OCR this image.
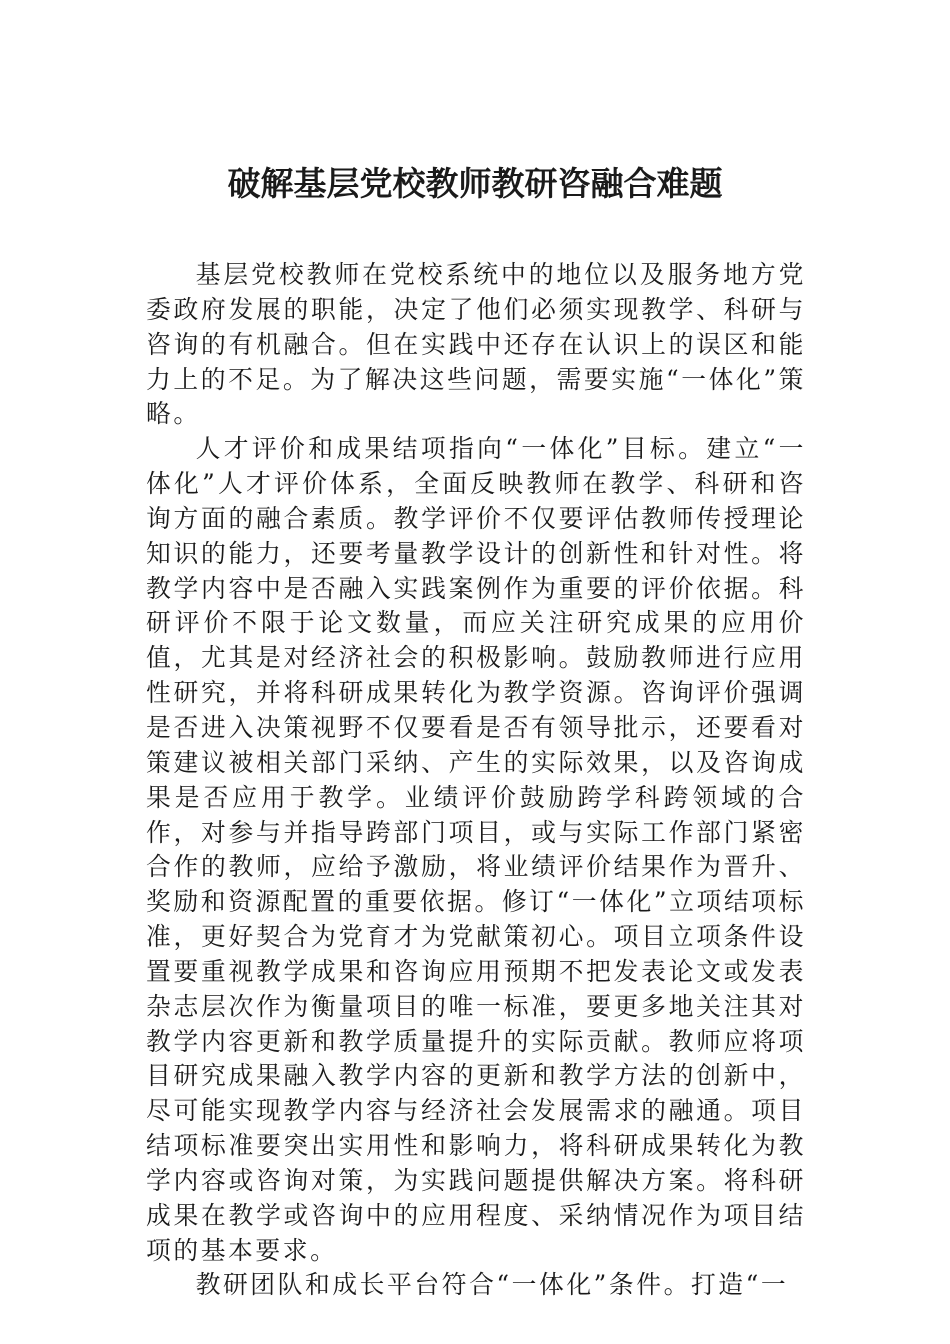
破解基层党校教师教研咨融合难题

基层党校教师在党校系统中的地位以及服务地方党委政府发展的职能，决定了他们必须实现教学、科研与咨询的有机融合。但在实践中还存在认识上的误区和能力上的不足。为了解决这些问题，需要实施“一体化”策略。

人才评价和成果结项指向“一体化”目标。建立“一体化”人才评价体系，全面反映教师在教学、科研和咨询方面的融合素质。教学评价不仅要评估教师传授理论知识的能力，还要考量教学设计的创新性和针对性。将教学内容中是否融入实践案例作为重要的评价依据。科研评价不限于论文数量，而应关注研究成果的应用价值，尤其是对经济社会的积极影响。鼓励教师进行应用性研究，并将科研成果转化为教学资源。咨询评价强调是否进入决策视野不仅要看是否有领导批示，还要看对策建议被相关部门采纳、产生的实际效果，以及咨询成果是否应用于教学。业绩评价鼓励跨学科跨领域的合作，对参与并指导跨部门项目，或与实际工作部门紧密合作的教师，应给予激励，将业绩评价结果作为晋升、奖励和资源配置的重要依据。修订“一体化”立项结项标准，更好契合为党育才为党献策初心。项目立项条件设置要重视教学成果和咨询应用预期不把发表论文或发表杂志层次作为衡量项目的唯一标准，要更多地关注其对教学内容更新和教学质量提升的实际贡献。教师应将项目研究成果融入教学内容的更新和教学方法的创新中，尽可能实现教学内容与经济社会发展需求的融通。项目结项标准要突出实用性和影响力，将科研成果转化为教学内容或咨询对策，为实践问题提供解决方案。将科研成果在教学或咨询中的应用程度、采纳情况作为项目结项的基本要求。

教研团队和成长平台符合“一体化”条件。打造“一
